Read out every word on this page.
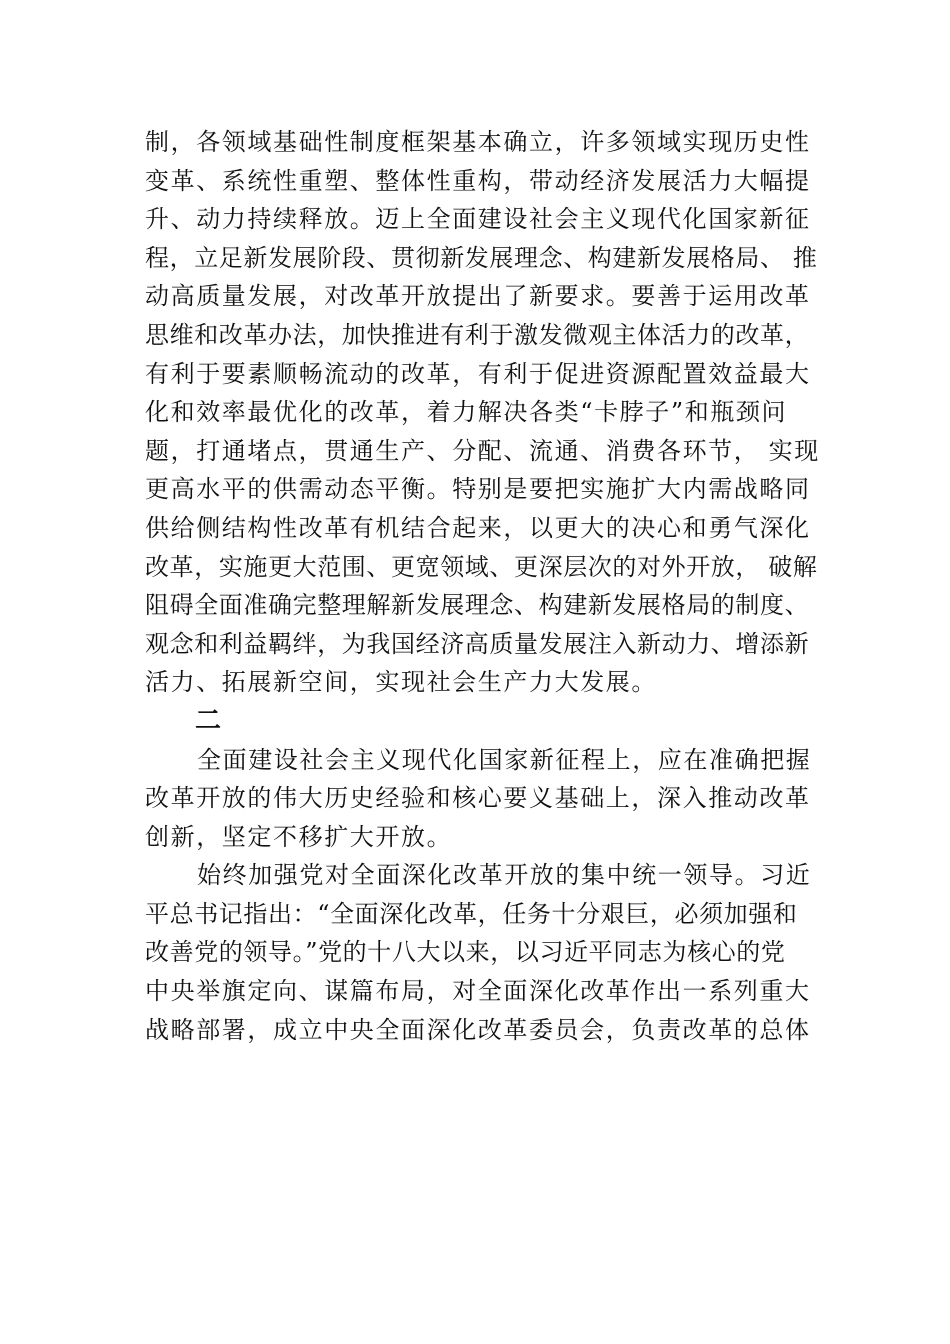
制，各领域基础性制度框架基本确立，许多领域实现历史性
变革、系统性重塑、整体性重构，带动经济发展活力大幅提
升、动力持续释放。迈上全面建设社会主义现代化国家新征
程，立足新发展阶段、贯彻新发展理念、构建新发展格局、 推
动高质量发展，对改革开放提出了新要求。要善于运用改革
思维和改革办法，加快推进有利于激发微观主体活力的改革，
有利于要素顺畅流动的改革，有利于促进资源配置效益最大
化和效率最优化的改革，着力解决各类“卡脖子”和瓶颈问
题，打通堵点，贯通生产、分配、流通、消费各环节， 实现
更高水平的供需动态平衡。特别是要把实施扩大内需战略同
供给侧结构性改革有机结合起来，以更大的决心和勇气深化
改革，实施更大范围、更宽领域、更深层次的对外开放， 破解
阻碍全面准确完整理解新发展理念、构建新发展格局的制度、
观念和利益羁绊，为我国经济高质量发展注入新动力、增添新
活力、拓展新空间，实现社会生产力大发展。
二
全面建设社会主义现代化国家新征程上，应在准确把握
改革开放的伟大历史经验和核心要义基础上，深入推动改革
创新，坚定不移扩大开放。
始终加强党对全面深化改革开放的集中统一领导。习近
平总书记指出：“全面深化改革，任务十分艰巨，必须加强和
改善党的领导。”党的十八大以来，以习近平同志为核心的党
中央举旗定向、谋篇布局，对全面深化改革作出一系列重大
战略部署，成立中央全面深化改革委员会，负责改革的总体
